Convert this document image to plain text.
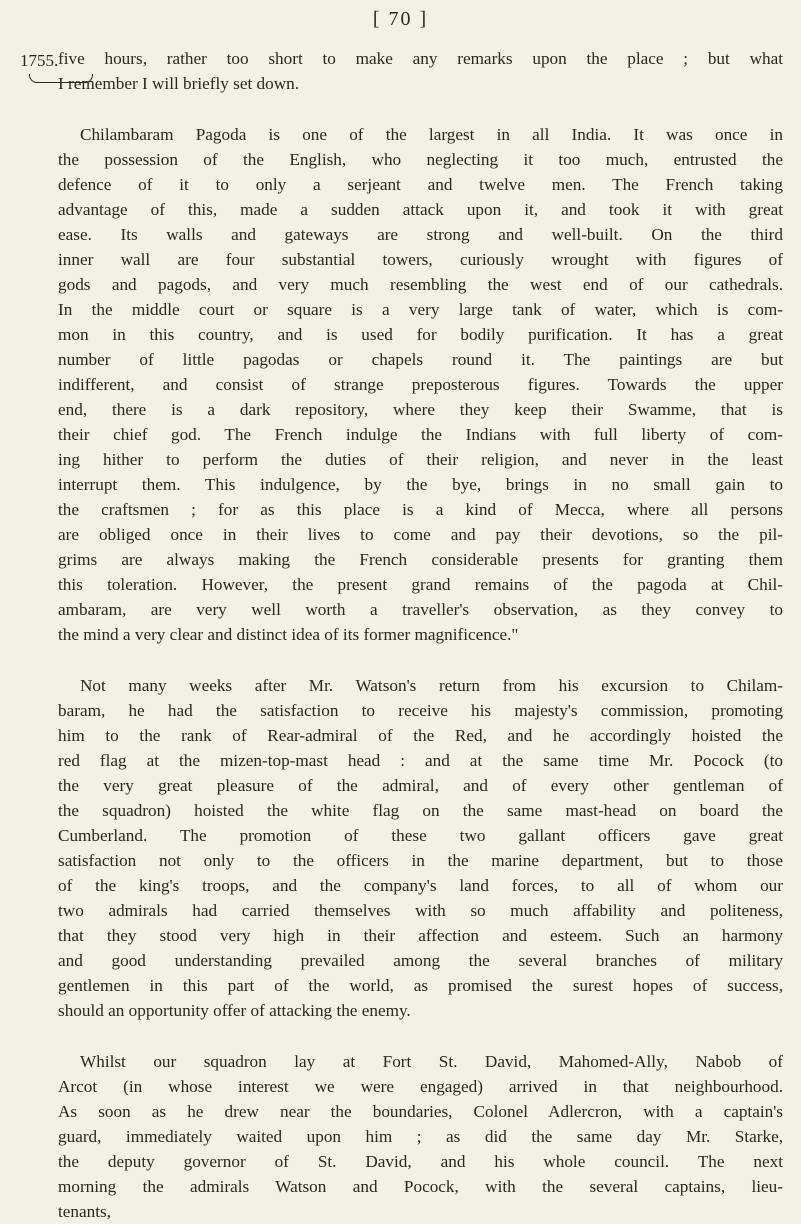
[ 70 ]
1755. five hours, rather too short to make any remarks upon the place ; but what
I remember I will briefly set down.

Chilambaram Pagoda is one of the largest in all India. It was once in
the possession of the English, who neglecting it too much, entrusted the
defence of it to only a serjeant and twelve men. The French taking
advantage of this, made a sudden attack upon it, and took it with great
ease. Its walls and gateways are strong and well-built. On the third
inner wall are four substantial towers, curiously wrought with figures of
gods and pagods, and very much resembling the west end of our cathedrals.
In the middle court or square is a very large tank of water, which is com-
mon in this country, and is used for bodily purification. It has a great
number of little pagodas or chapels round it. The paintings are but
indifferent, and consist of strange preposterous figures. Towards the upper
end, there is a dark repository, where they keep their Swamme, that is
their chief god. The French indulge the Indians with full liberty of com-
ing hither to perform the duties of their religion, and never in the least
interrupt them. This indulgence, by the bye, brings in no small gain to
the craftsmen ; for as this place is a kind of Mecca, where all persons
are obliged once in their lives to come and pay their devotions, so the pil-
grims are always making the French considerable presents for granting them
this toleration. However, the present grand remains of the pagoda at Chil-
ambaram, are very well worth a traveller's observation, as they convey to
the mind a very clear and distinct idea of its former magnificence."

Not many weeks after Mr. Watson's return from his excursion to Chilam-
baram, he had the satisfaction to receive his majesty's commission, promoting
him to the rank of Rear-admiral of the Red, and he accordingly hoisted the
red flag at the mizen-top-mast head : and at the same time Mr. Pocock (to
the very great pleasure of the admiral, and of every other gentleman of
the squadron) hoisted the white flag on the same mast-head on board the
Cumberland. The promotion of these two gallant officers gave great
satisfaction not only to the officers in the marine department, but to those
of the king's troops, and the company's land forces, to all of whom our
two admirals had carried themselves with so much affability and politeness,
that they stood very high in their affection and esteem. Such an harmony
and good understanding prevailed among the several branches of military
gentlemen in this part of the world, as promised the surest hopes of success,
should an opportunity offer of attacking the enemy.

Whilst our squadron lay at Fort St. David, Mahomed-Ally, Nabob of
Arcot (in whose interest we were engaged) arrived in that neighbourhood.
As soon as he drew near the boundaries, Colonel Adlercron, with a captain's
guard, immediately waited upon him ; as did the same day Mr. Starke,
the deputy governor of St. David, and his whole council. The next
morning the admirals Watson and Pocock, with the several captains, lieu-
tenants,
